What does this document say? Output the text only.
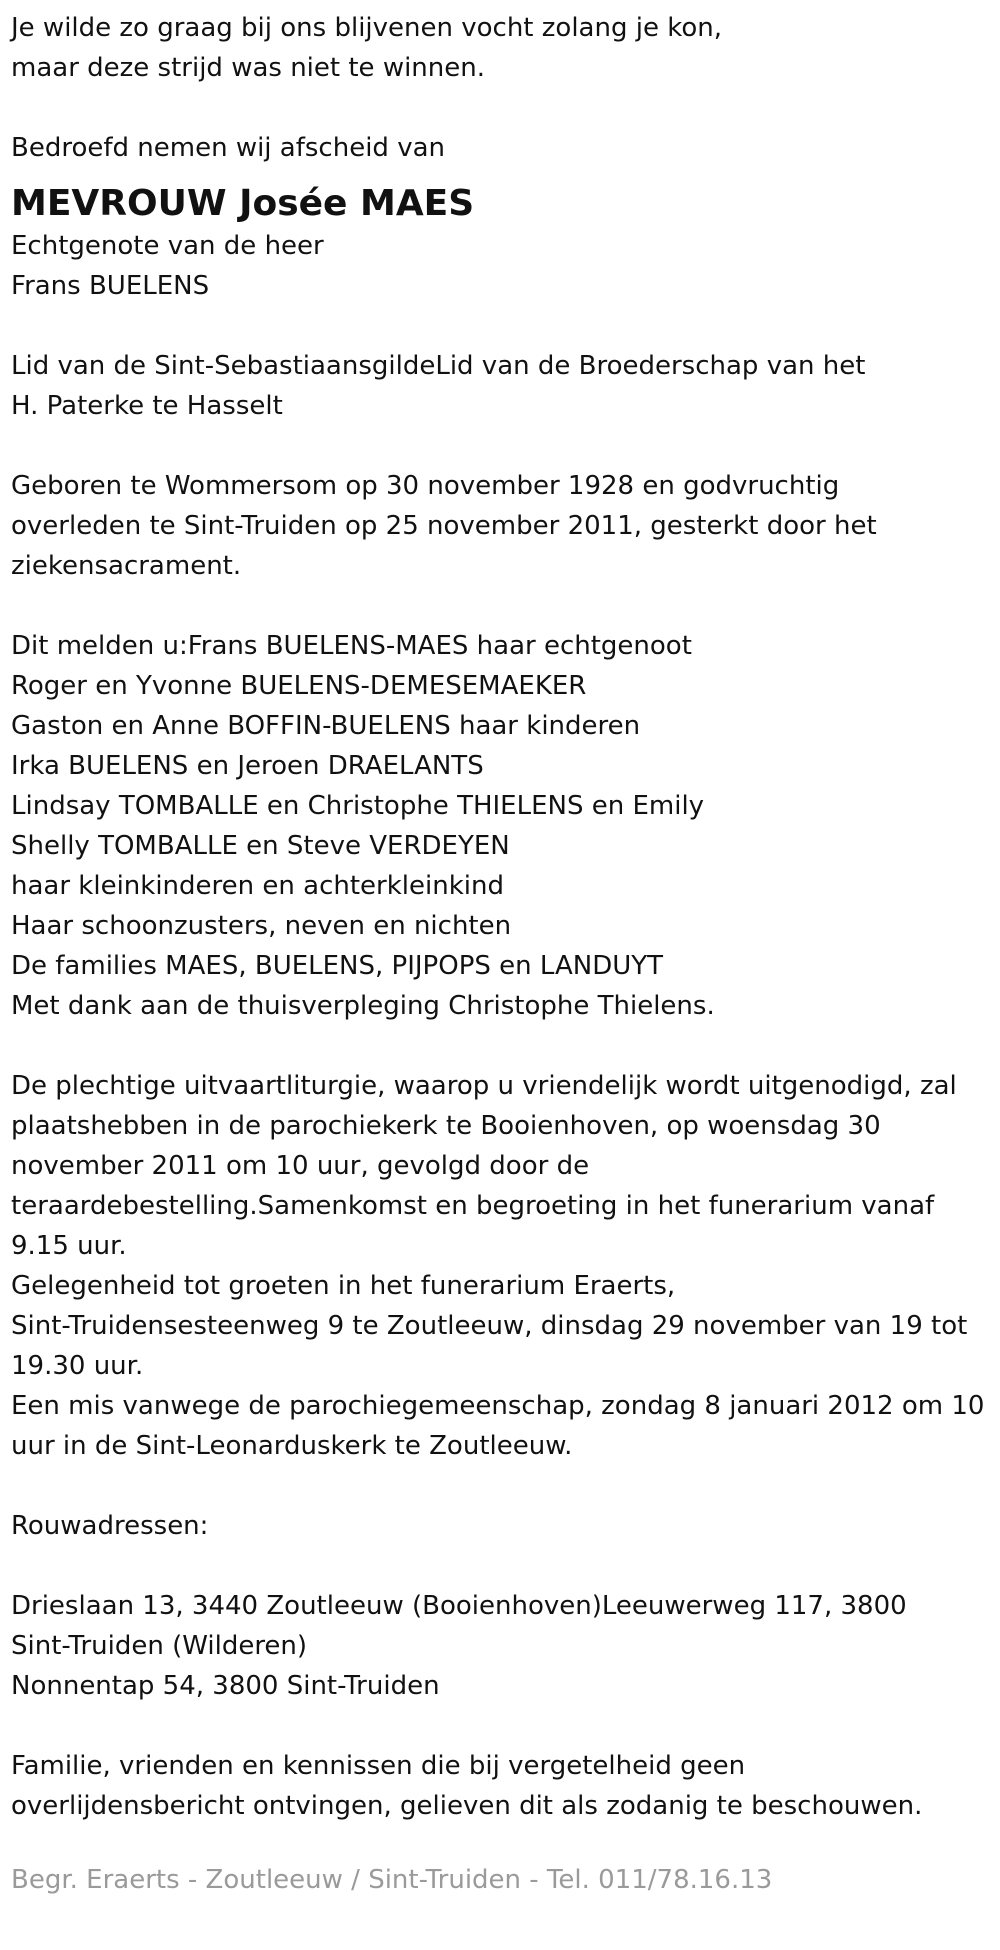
Je wilde zo graag bij ons blijvenen vocht zolang je kon,

maar deze strijd was niet te winnen.

Bedroefd nemen wij afscheid van

MEVROUW Josée MAES

Echtgenote van de heer

Frans BUELENS

Lid van de Sint-SebastiaansgildeLid van de Broederschap van het

H. Paterke te Hasselt

Geboren te Wommersom op 30 november 1928 en godvruchtig

overleden te Sint-Truiden op 25 november 2011, gesterkt door het

ziekensacrament.

Dit melden u:Frans BUELENS-MAES haar echtgenoot

Roger en Yvonne BUELENS-DEMESEMAEKER

Gaston en Anne BOFFIN-BUELENS haar kinderen

Irka BUELENS en Jeroen DRAELANTS

Lindsay TOMBALLE en Christophe THIELENS en Emily

Shelly TOMBALLE en Steve VERDEYEN

haar kleinkinderen en achterkleinkind

Haar schoonzusters, neven en nichten

De families MAES, BUELENS, PIJPOPS en LANDUYT

Met dank aan de thuisverpleging Christophe Thielens.

De plechtige uitvaartliturgie, waarop u vriendelijk wordt uitgenodigd, zal

plaatshebben in de parochiekerk te Booienhoven, op woensdag 30

november 2011 om 10 uur, gevolgd door de

teraardebestelling.Samenkomst en begroeting in het funerarium vanaf

9.15 uur.

Gelegenheid tot groeten in het funerarium Eraerts,

Sint-Truidensesteenweg 9 te Zoutleeuw, dinsdag 29 november van 19 tot

19.30 uur.

Een mis vanwege de parochiegemeenschap, zondag 8 januari 2012 om 10

uur in de Sint-Leonarduskerk te Zoutleeuw.

Rouwadressen:

Drieslaan 13, 3440 Zoutleeuw (Booienhoven)Leeuwerweg 117, 3800

Sint-Truiden (Wilderen)

Nonnentap 54, 3800 Sint-Truiden

Familie, vrienden en kennissen die bij vergetelheid geen

overlijdensbericht ontvingen, gelieven dit als zodanig te beschouwen.

Begr. Eraerts - Zoutleeuw / Sint-Truiden - Tel. 011/78.16.13
